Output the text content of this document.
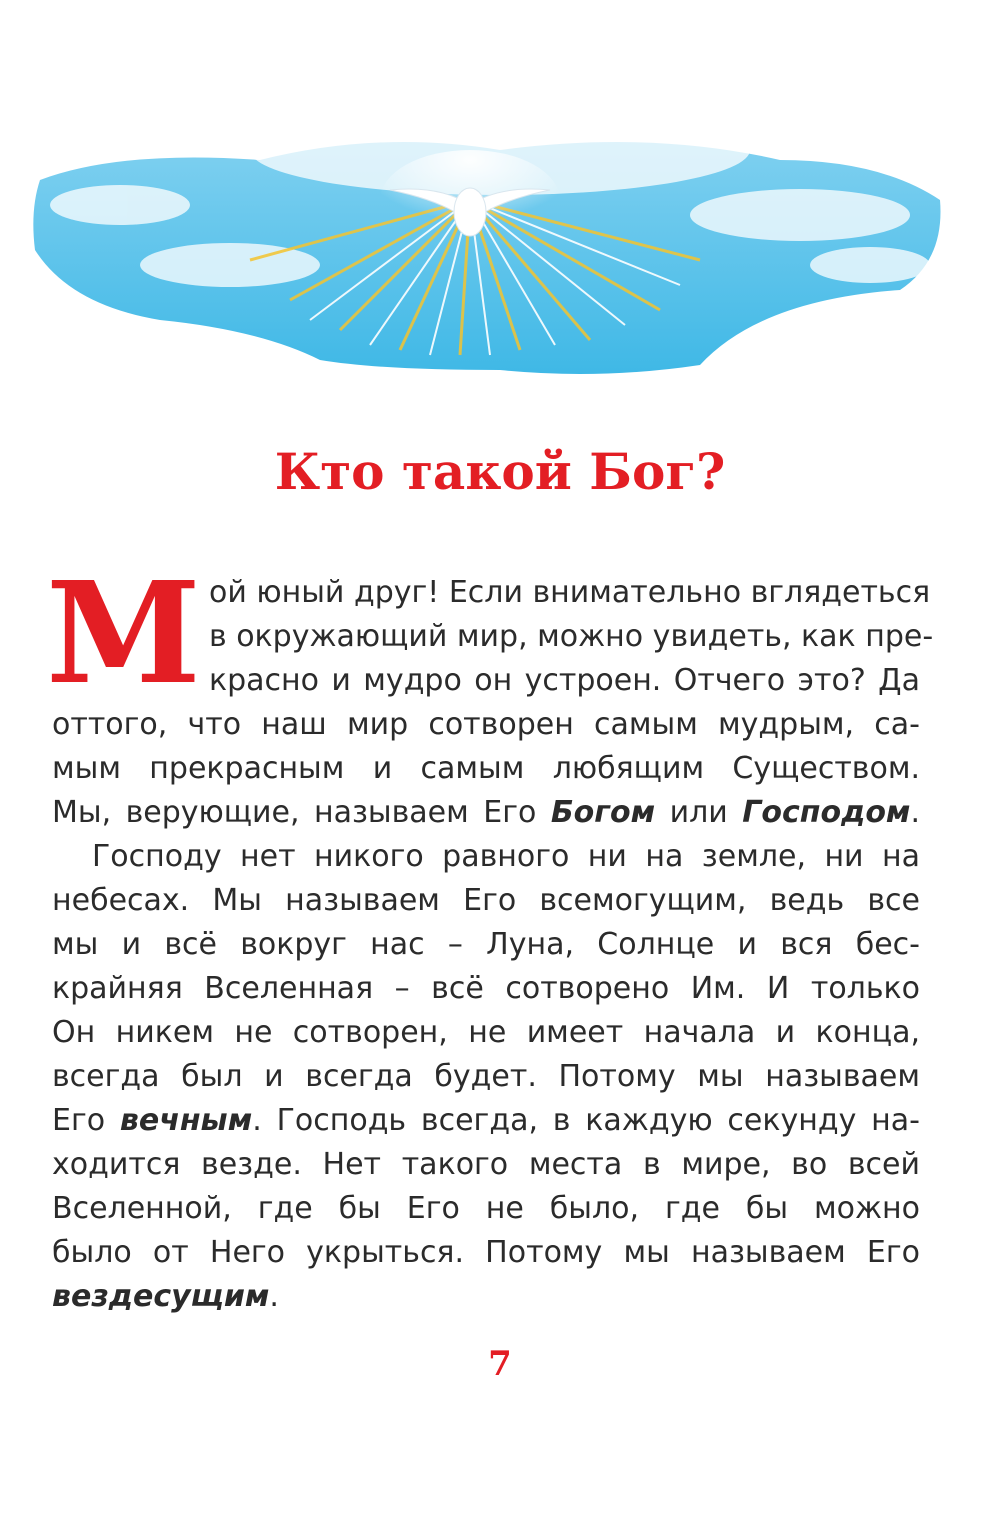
Кто такой Бог?
М ой юный друг! Если внимательно вглядеться
в окружающий мир, можно увидеть, как пре-
красно и мудро он устроен. Отчего это? Да
оттого, что наш мир сотворен самым мудрым, са-
мым прекрасным и самым любящим Существом.
Мы, верующие, называем Его Богом или Господом.
Господу нет никого равного ни на земле, ни на
небесах. Мы называем Его всемогущим, ведь все
мы и всё вокруг нас – Луна, Солнце и вся бес-
крайняя Вселенная – всё сотворено Им. И только
Он никем не сотворен, не имеет начала и конца,
всегда был и всегда будет. Потому мы называем
Его вечным. Господь всегда, в каждую секунду на-
ходится везде. Нет такого места в мире, во всей
Вселенной, где бы Его не было, где бы можно
было от Него укрыться. Потому мы называем Его
вездесущим.
7
